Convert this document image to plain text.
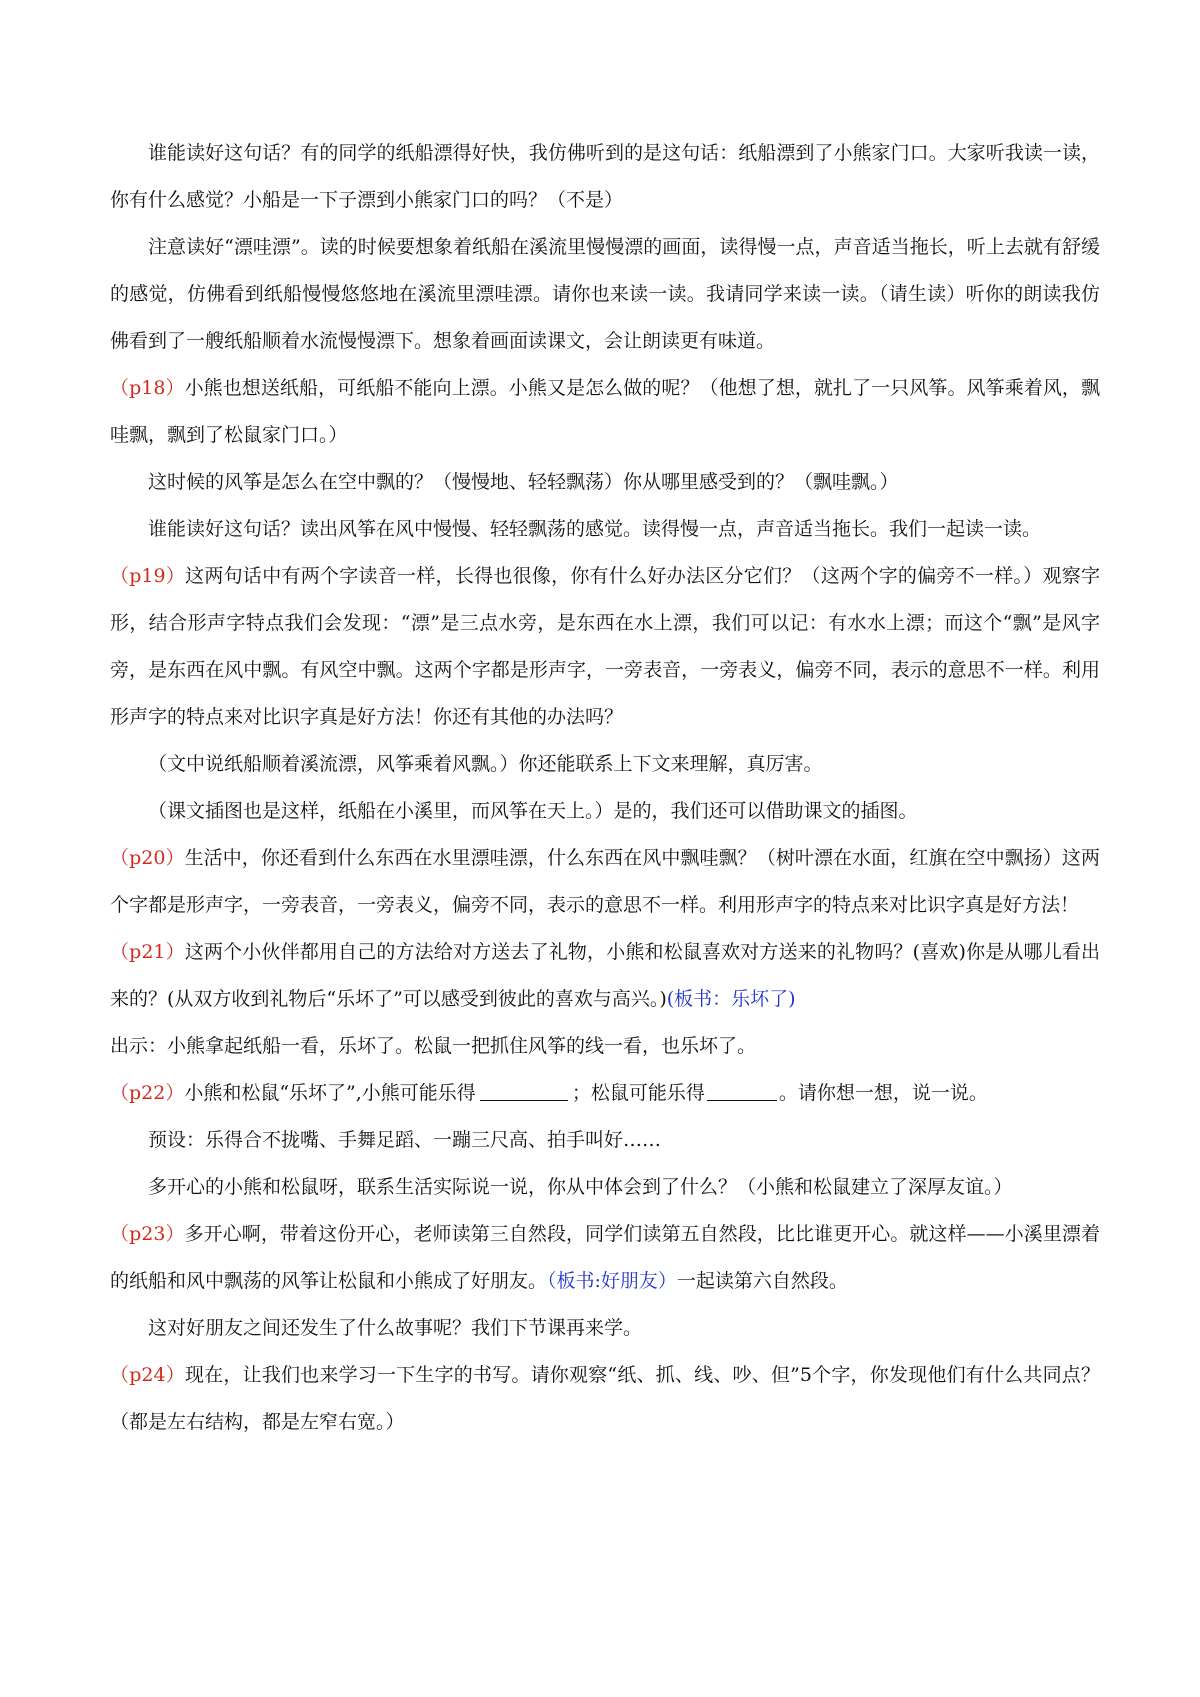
谁能读好这句话？有的同学的纸船漂得好快，我仿佛听到的是这句话：纸船漂到了小熊家门口。大家听我读一读，你有什么感觉？小船是一下子漂到小熊家门口的吗？（不是）

注意读好“漂哇漂”。读的时候要想象着纸船在溪流里慢慢漂的画面，读得慢一点，声音适当拖长，听上去就有舒缓的感觉，仿佛看到纸船慢慢悠悠地在溪流里漂哇漂。请你也来读一读。我请同学来读一读。（请生读）听你的朗读我仿佛看到了一艘纸船顺着水流慢慢漂下。想象着画面读课文，会让朗读更有味道。

（p18）小熊也想送纸船，可纸船不能向上漂。小熊又是怎么做的呢？（他想了想，就扎了一只风筝。风筝乘着风，飘哇飘，飘到了松鼠家门口。）

这时候的风筝是怎么在空中飘的？（慢慢地、轻轻飘荡）你从哪里感受到的？（飘哇飘。）

谁能读好这句话？读出风筝在风中慢慢、轻轻飘荡的感觉。读得慢一点，声音适当拖长。我们一起读一读。

（p19）这两句话中有两个字读音一样，长得也很像，你有什么好办法区分它们？（这两个字的偏旁不一样。）观察字形，结合形声字特点我们会发现：“漂”是三点水旁，是东西在水上漂，我们可以记：有水水上漂；而这个“飘”是风字旁，是东西在风中飘。有风空中飘。这两个字都是形声字，一旁表音，一旁表义，偏旁不同，表示的意思不一样。利用形声字的特点来对比识字真是好方法！你还有其他的办法吗？

（文中说纸船顺着溪流漂，风筝乘着风飘。）你还能联系上下文来理解，真厉害。

（课文插图也是这样，纸船在小溪里，而风筝在天上。）是的，我们还可以借助课文的插图。

（p20）生活中，你还看到什么东西在水里漂哇漂，什么东西在风中飘哇飘？（树叶漂在水面，红旗在空中飘扬）这两个字都是形声字，一旁表音，一旁表义，偏旁不同，表示的意思不一样。利用形声字的特点来对比识字真是好方法！

（p21）这两个小伙伴都用自己的方法给对方送去了礼物，小熊和松鼠喜欢对方送来的礼物吗？(喜欢)你是从哪儿看出来的？(从双方收到礼物后“乐坏了”可以感受到彼此的喜欢与高兴。)(板书：乐坏了)

出示：小熊拿起纸船一看，乐坏了。松鼠一把抓住风筝的线一看，也乐坏了。

（p22）小熊和松鼠“乐坏了”,小熊可能乐得	；松鼠可能乐得	。请你想一想，说一说。

预设：乐得合不拢嘴、手舞足蹈、一蹦三尺高、拍手叫好……

多开心的小熊和松鼠呀，联系生活实际说一说，你从中体会到了什么？（小熊和松鼠建立了深厚友谊。）

（p23）多开心啊，带着这份开心，老师读第三自然段，同学们读第五自然段，比比谁更开心。就这样——小溪里漂着的纸船和风中飘荡的风筝让松鼠和小熊成了好朋友。（板书:好朋友）一起读第六自然段。

这对好朋友之间还发生了什么故事呢？我们下节课再来学。

（p24）现在，让我们也来学习一下生字的书写。请你观察“纸、抓、线、吵、但”5个字，你发现他们有什么共同点？（都是左右结构，都是左窄右宽。）
